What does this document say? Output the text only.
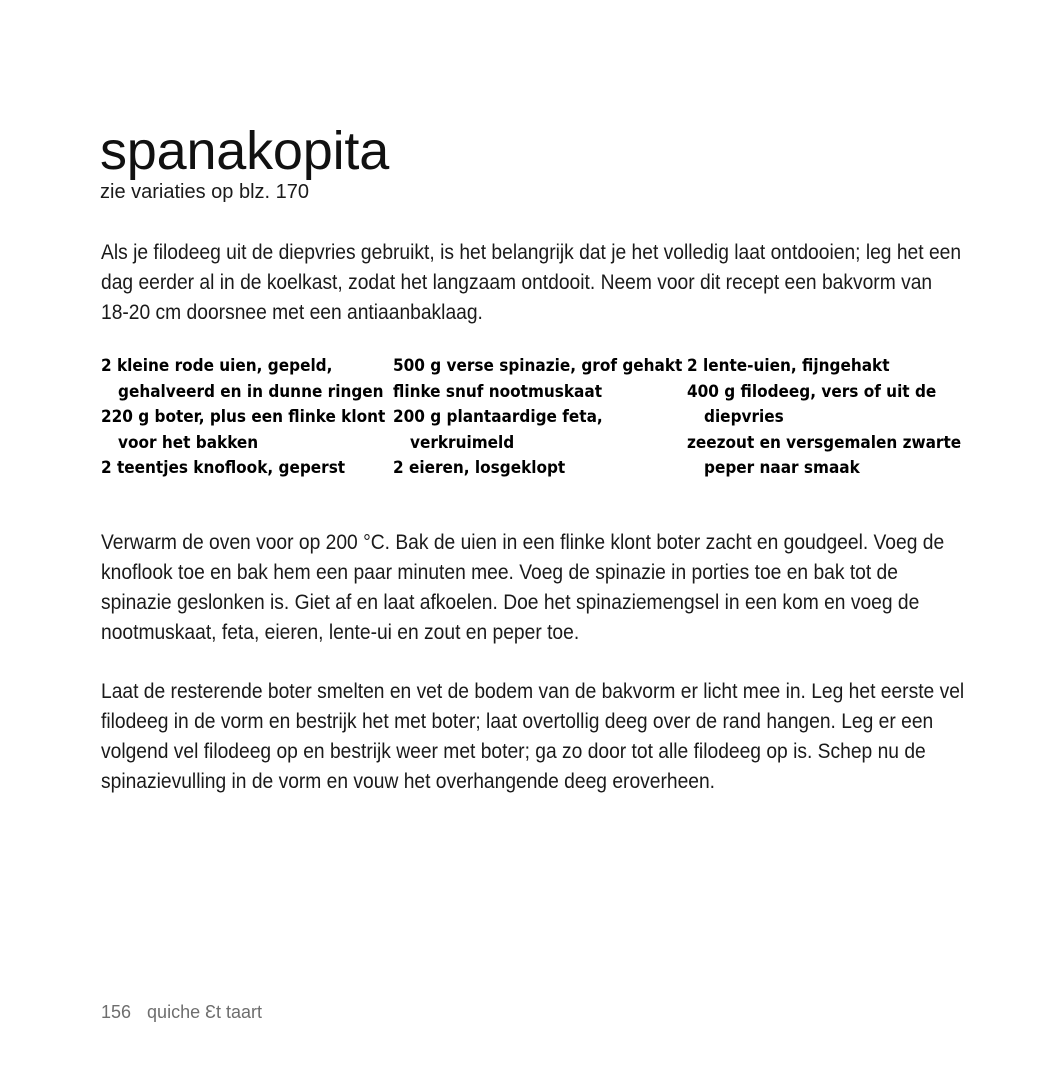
spanakopita
zie variaties op blz. 170
Als je filodeeg uit de diepvries gebruikt, is het belangrijk dat je het volledig laat ontdooien; leg het een dag eerder al in de koelkast, zodat het langzaam ontdooit. Neem voor dit recept een bakvorm van 18-20 cm doorsnee met een antiaanbaklaag.

2 kleine rode uien, gepeld, gehalveerd en in dunne ringen

220 g boter, plus een flinke klont voor het bakken

2 teentjes knoflook, geperst

500 g verse spinazie, grof gehakt

flinke snuf nootmuskaat

200 g plantaardige feta, verkruimeld

2 eieren, losgeklopt

2 lente-uien, fijngehakt

400 g filodeeg, vers of uit de diepvries

zeezout en versgemalen zwarte peper naar smaak

Verwarm de oven voor op 200 °C. Bak de uien in een flinke klont boter zacht en goudgeel. Voeg de knoflook toe en bak hem een paar minuten mee. Voeg de spinazie in porties toe en bak tot de spinazie geslonken is. Giet af en laat afkoelen. Doe het spinaziemengsel in een kom en voeg de nootmuskaat, feta, eieren, lente-ui en zout en peper toe.
Laat de resterende boter smelten en vet de bodem van de bakvorm er licht mee in. Leg het eerste vel filodeeg in de vorm en bestrijk het met boter; laat overtollig deeg over de rand hangen. Leg er een volgend vel filodeeg op en bestrijk weer met boter; ga zo door tot alle filodeeg op is. Schep nu de spinazievulling in de vorm en vouw het overhangende deeg eroverheen.
156 quiche Ɛt taart
